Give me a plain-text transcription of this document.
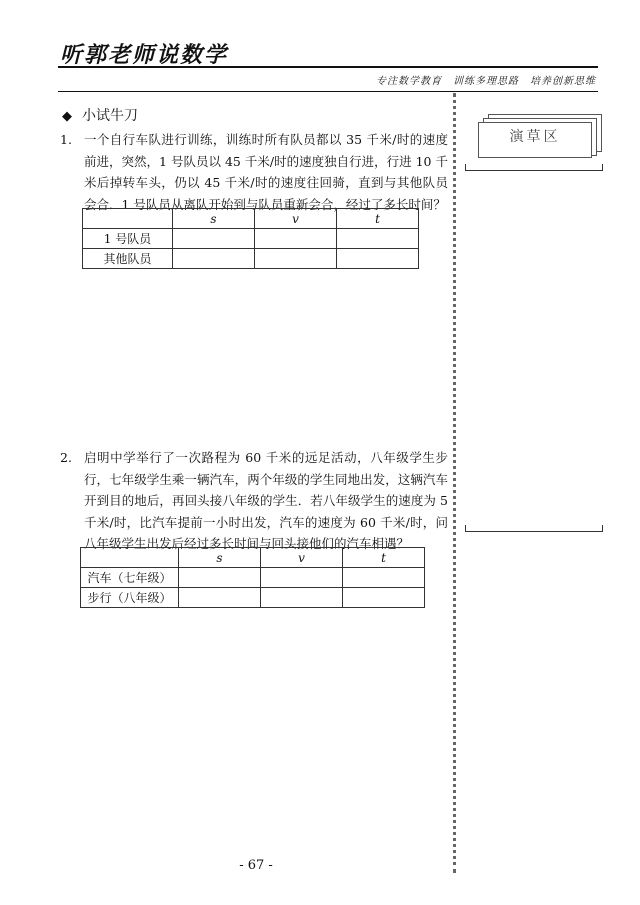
听郭老师说数学
专注数学教育　训练多理思路　培养创新思维
◆ 小试牛刀
1. 一个自行车队进行训练，训练时所有队员都以 35 千米/时的速度前进，突然，1 号队员以 45 千米/时的速度独自行进，行进 10 千米后掉转车头，仍以 45 千米/时的速度往回骑，直到与其他队员会合．1 号队员从离队开始到与队员重新会合，经过了多长时间？
	s	v	t
1 号队员			
其他队员			
2. 启明中学举行了一次路程为 60 千米的远足活动，八年级学生步行，七年级学生乘一辆汽车，两个年级的学生同地出发，这辆汽车开到目的地后，再回头接八年级的学生．若八年级学生的速度为 5 千米/时，比汽车提前一小时出发，汽车的速度为 60 千米/时，问八年级学生出发后经过多长时间与回头接他们的汽车相遇？
	s	v	t
汽车（七年级）			
步行（八年级）			
演草区
- 67 -
